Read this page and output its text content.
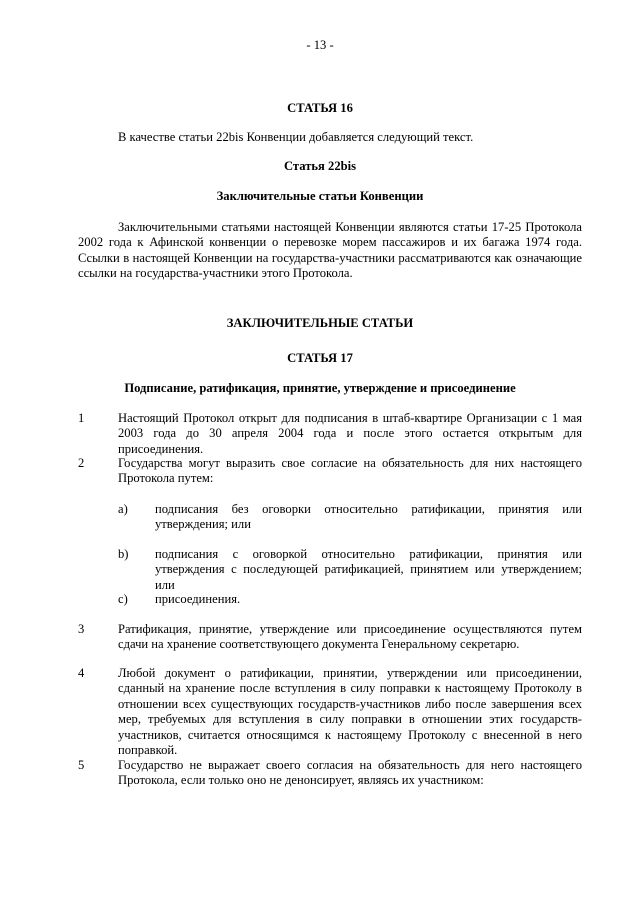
- 13 -
СТАТЬЯ 16
В качестве статьи 22bis Конвенции добавляется следующий текст.
Статья 22bis
Заключительные статьи Конвенции
Заключительными статьями настоящей Конвенции являются статьи 17-25 Протокола 2002 года к Афинской конвенции о перевозке морем пассажиров и их багажа 1974 года. Ссылки в настоящей Конвенции на государства-участники рассматриваются как означающие ссылки на государства-участники этого Протокола.
ЗАКЛЮЧИТЕЛЬНЫЕ СТАТЬИ
СТАТЬЯ 17
Подписание, ратификация, принятие, утверждение и присоединение
1	Настоящий Протокол открыт для подписания в штаб-квартире Организации с 1 мая 2003 года до 30 апреля 2004 года и после этого остается открытым для присоединения.
2	Государства могут выразить свое согласие на обязательность для них настоящего Протокола путем:
a) подписания без оговорки относительно ратификации, принятия или утверждения; или
b) подписания с оговоркой относительно ратификации, принятия или утверждения с последующей ратификацией, принятием или утверждением; или
c) присоединения.
3	Ратификация, принятие, утверждение или присоединение осуществляются путем сдачи на хранение соответствующего документа Генеральному секретарю.
4	Любой документ о ратификации, принятии, утверждении или присоединении, сданный на хранение после вступления в силу поправки к настоящему Протоколу в отношении всех существующих государств-участников либо после завершения всех мер, требуемых для вступления в силу поправки в отношении этих государств-участников, считается относящимся к настоящему Протоколу с внесенной в него поправкой.
5	Государство не выражает своего согласия на обязательность для него настоящего Протокола, если только оно не денонсирует, являясь их участником:
